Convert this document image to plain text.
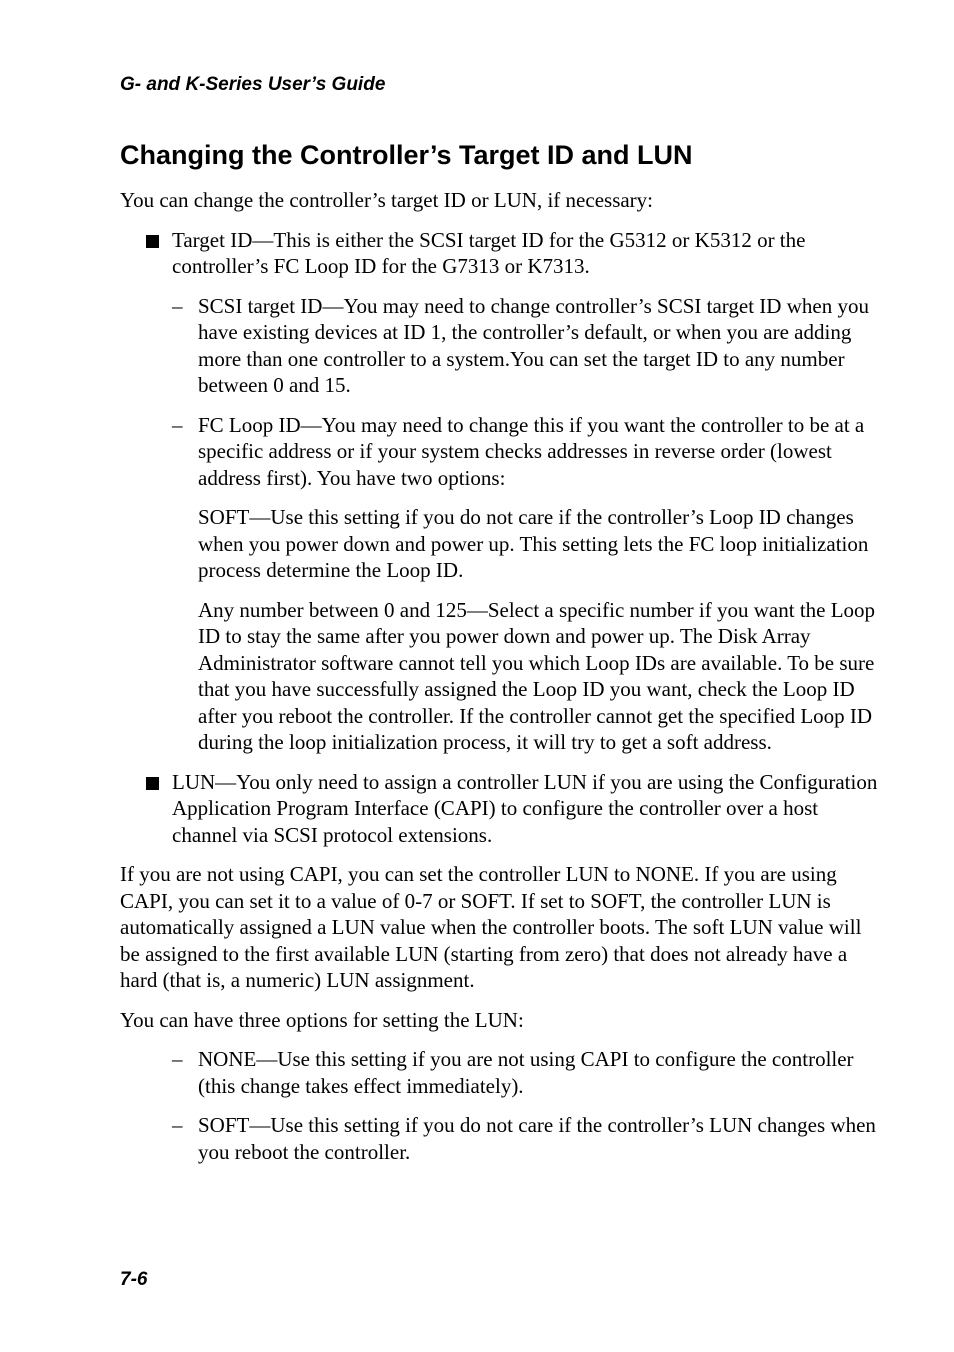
G- and K-Series User’s Guide
Changing the Controller’s Target ID and LUN

You can change the controller’s target ID or LUN, if necessary:

Target ID—This is either the SCSI target ID for the G5312 or K5312 or the controller’s FC Loop ID for the G7313 or K7313.

– SCSI target ID—You may need to change controller’s SCSI target ID when you have existing devices at ID 1, the controller’s default, or when you are adding more than one controller to a system.You can set the target ID to any number between 0 and 15.

– FC Loop ID—You may need to change this if you want the controller to be at a specific address or if your system checks addresses in reverse order (lowest address first). You have two options:

SOFT—Use this setting if you do not care if the controller’s Loop ID changes when you power down and power up. This setting lets the FC loop initialization process determine the Loop ID.

Any number between 0 and 125—Select a specific number if you want the Loop ID to stay the same after you power down and power up. The Disk Array Administrator software cannot tell you which Loop IDs are available. To be sure that you have successfully assigned the Loop ID you want, check the Loop ID after you reboot the controller. If the controller cannot get the specified Loop ID during the loop initialization process, it will try to get a soft address.

LUN—You only need to assign a controller LUN if you are using the Configuration Application Program Interface (CAPI) to configure the controller over a host channel via SCSI protocol extensions.

If you are not using CAPI, you can set the controller LUN to NONE. If you are using CAPI, you can set it to a value of 0-7 or SOFT. If set to SOFT, the controller LUN is automatically assigned a LUN value when the controller boots. The soft LUN value will be assigned to the first available LUN (starting from zero) that does not already have a hard (that is, a numeric) LUN assignment.

You can have three options for setting the LUN:

– NONE—Use this setting if you are not using CAPI to configure the controller (this change takes effect immediately).

– SOFT—Use this setting if you do not care if the controller’s LUN changes when you reboot the controller.

7-6
